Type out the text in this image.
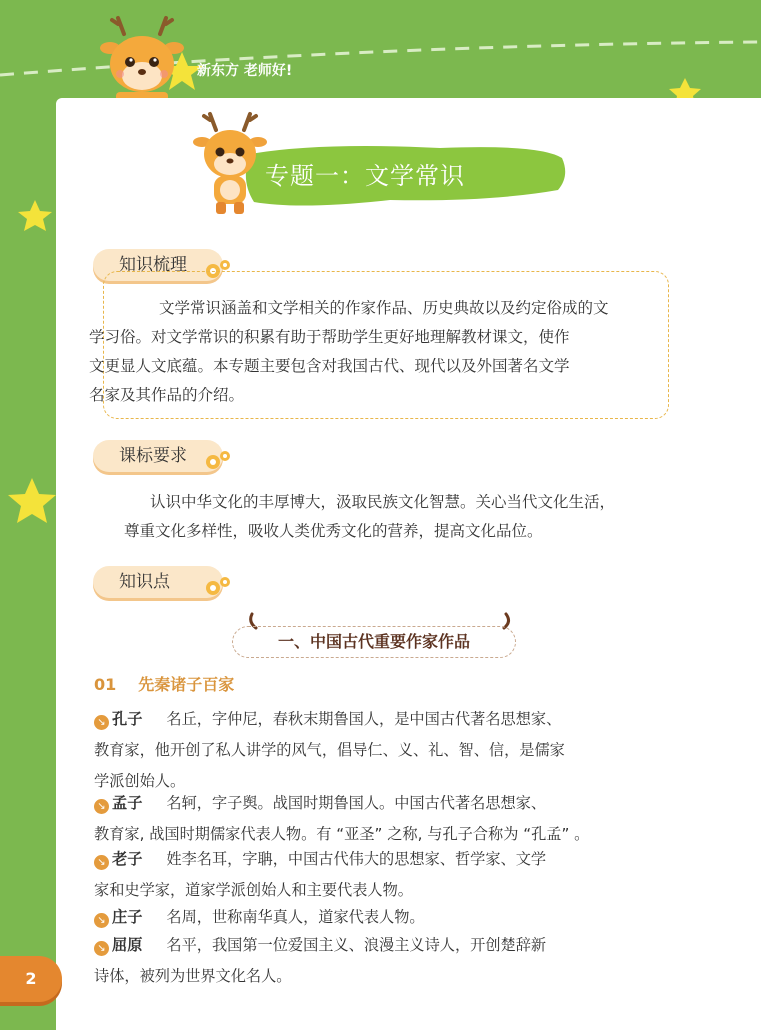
新东方 老师好!
专题一：文学常识
知识梳理
文学常识涵盖和文学相关的作家作品、历史典故以及约定俗成的文
学习俗。对文学常识的积累有助于帮助学生更好地理解教材课文，使作
文更显人文底蕴。本专题主要包含对我国古代、现代以及外国著名文学
名家及其作品的介绍。
课标要求
认识中华文化的丰厚博大，汲取民族文化智慧。关心当代文化生活，
尊重文化多样性，吸收人类优秀文化的营养，提高文化品位。
知识点
一、中国古代重要作家作品
01 先秦诸子百家
↘ 孔子 名丘，字仲尼，春秋末期鲁国人，是中国古代著名思想家、
教育家，他开创了私人讲学的风气，倡导仁、义、礼、智、信，是儒家
学派创始人。
↘ 孟子 名轲，字子舆。战国时期鲁国人。中国古代著名思想家、
教育家, 战国时期儒家代表人物。有 “亚圣” 之称, 与孔子合称为 “孔孟” 。
↘ 老子 姓李名耳，字聃，中国古代伟大的思想家、哲学家、文学
家和史学家，道家学派创始人和主要代表人物。
↘ 庄子 名周，世称南华真人，道家代表人物。
↘ 屈原 名平，我国第一位爱国主义、浪漫主义诗人，开创楚辞新
诗体，被列为世界文化名人。
2
